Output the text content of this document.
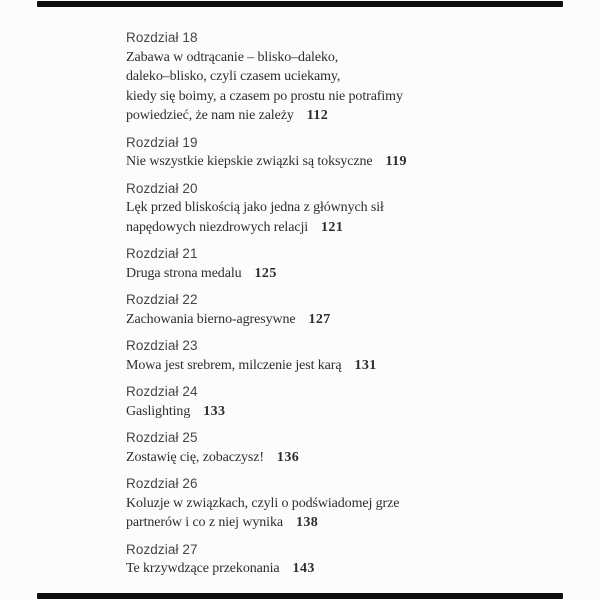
Rozdział 18
Zabawa w odtrącanie – blisko–daleko,
daleko–blisko, czyli czasem uciekamy,
kiedy się boimy, a czasem po prostu nie potrafimy
powiedzieć, że nam nie zależy 112
Rozdział 19
Nie wszystkie kiepskie związki są toksyczne 119
Rozdział 20
Lęk przed bliskością jako jedna z głównych sił
napędowych niezdrowych relacji 121
Rozdział 21
Druga strona medalu 125
Rozdział 22
Zachowania bierno-agresywne 127
Rozdział 23
Mowa jest srebrem, milczenie jest karą 131
Rozdział 24
Gaslighting 133
Rozdział 25
Zostawię cię, zobaczysz! 136
Rozdział 26
Koluzje w związkach, czyli o podświadomej grze
partnerów i co z niej wynika 138
Rozdział 27
Te krzywdzące przekonania 143
